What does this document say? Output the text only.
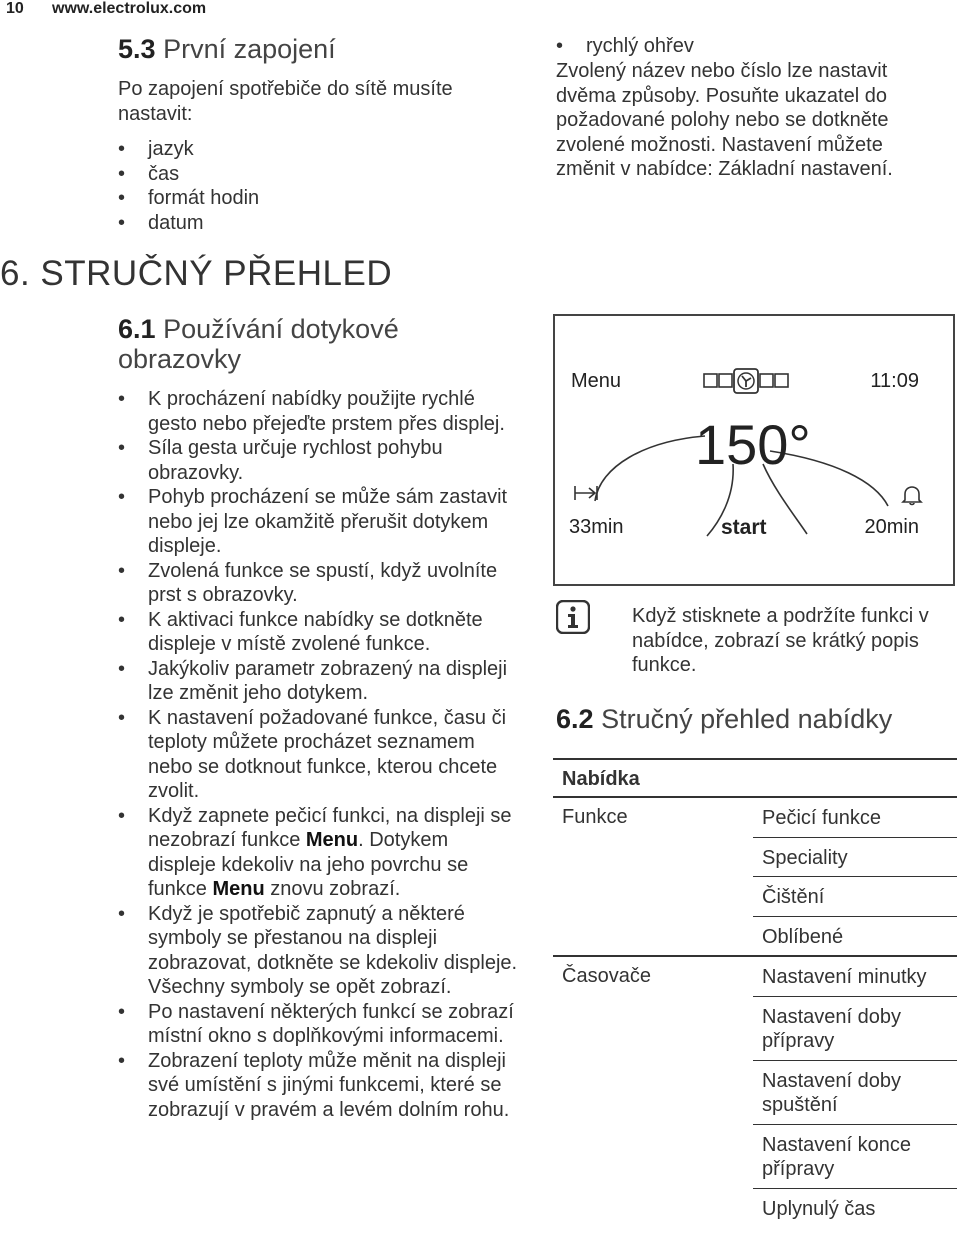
10 www.electrolux.com
5.3 První zapojení
Po zapojení spotřebiče do sítě musíte nastavit:
• jazyk
• čas
• formát hodin
• datum
• rychlý ohřev
Zvolený název nebo číslo lze nastavit dvěma způsoby. Posuňte ukazatel do požadované polohy nebo se dotkněte zvolené možnosti. Nastavení můžete změnit v nabídce: Základní nastavení.
6. STRUČNÝ PŘEHLED
6.1 Používání dotykové obrazovky
• K procházení nabídky použijte rychlé gesto nebo přejeďte prstem přes displej.
• Síla gesta určuje rychlost pohybu obrazovky.
• Pohyb procházení se může sám zastavit nebo jej lze okamžitě přerušit dotykem displeje.
• Zvolená funkce se spustí, když uvolníte prst s obrazovky.
• K aktivaci funkce nabídky se dotkněte displeje v místě zvolené funkce.
• Jakýkoliv parametr zobrazený na displeji lze změnit jeho dotykem.
• K nastavení požadované funkce, času či teploty můžete procházet seznamem nebo se dotknout funkce, kterou chcete zvolit.
• Když zapnete pečicí funkci, na displeji se nezobrazí funkce Menu. Dotykem displeje kdekoliv na jeho povrchu se funkce Menu znovu zobrazí.
• Když je spotřebič zapnutý a některé symboly se přestanou na displeji zobrazovat, dotkněte se kdekoliv displeje. Všechny symboly se opět zobrazí.
• Po nastavení některých funkcí se zobrazí místní okno s doplňkovými informacemi.
• Zobrazení teploty může měnit na displeji své umístění s jinými funkcemi, které se zobrazují v pravém a levém dolním rohu.
Menu	11:09
150°
33min	start	20min
Když stisknete a podržíte funkci v nabídce, zobrazí se krátký popis funkce.
6.2 Stručný přehled nabídky
Nabídka	

Funkce	Pečicí funkce

	Speciality

	Čištění

	Oblíbené

Časovače	Nastavení minutky

	Nastavení doby přípravy

	Nastavení doby spuštění

	Nastavení konce přípravy

	Uplynulý čas
